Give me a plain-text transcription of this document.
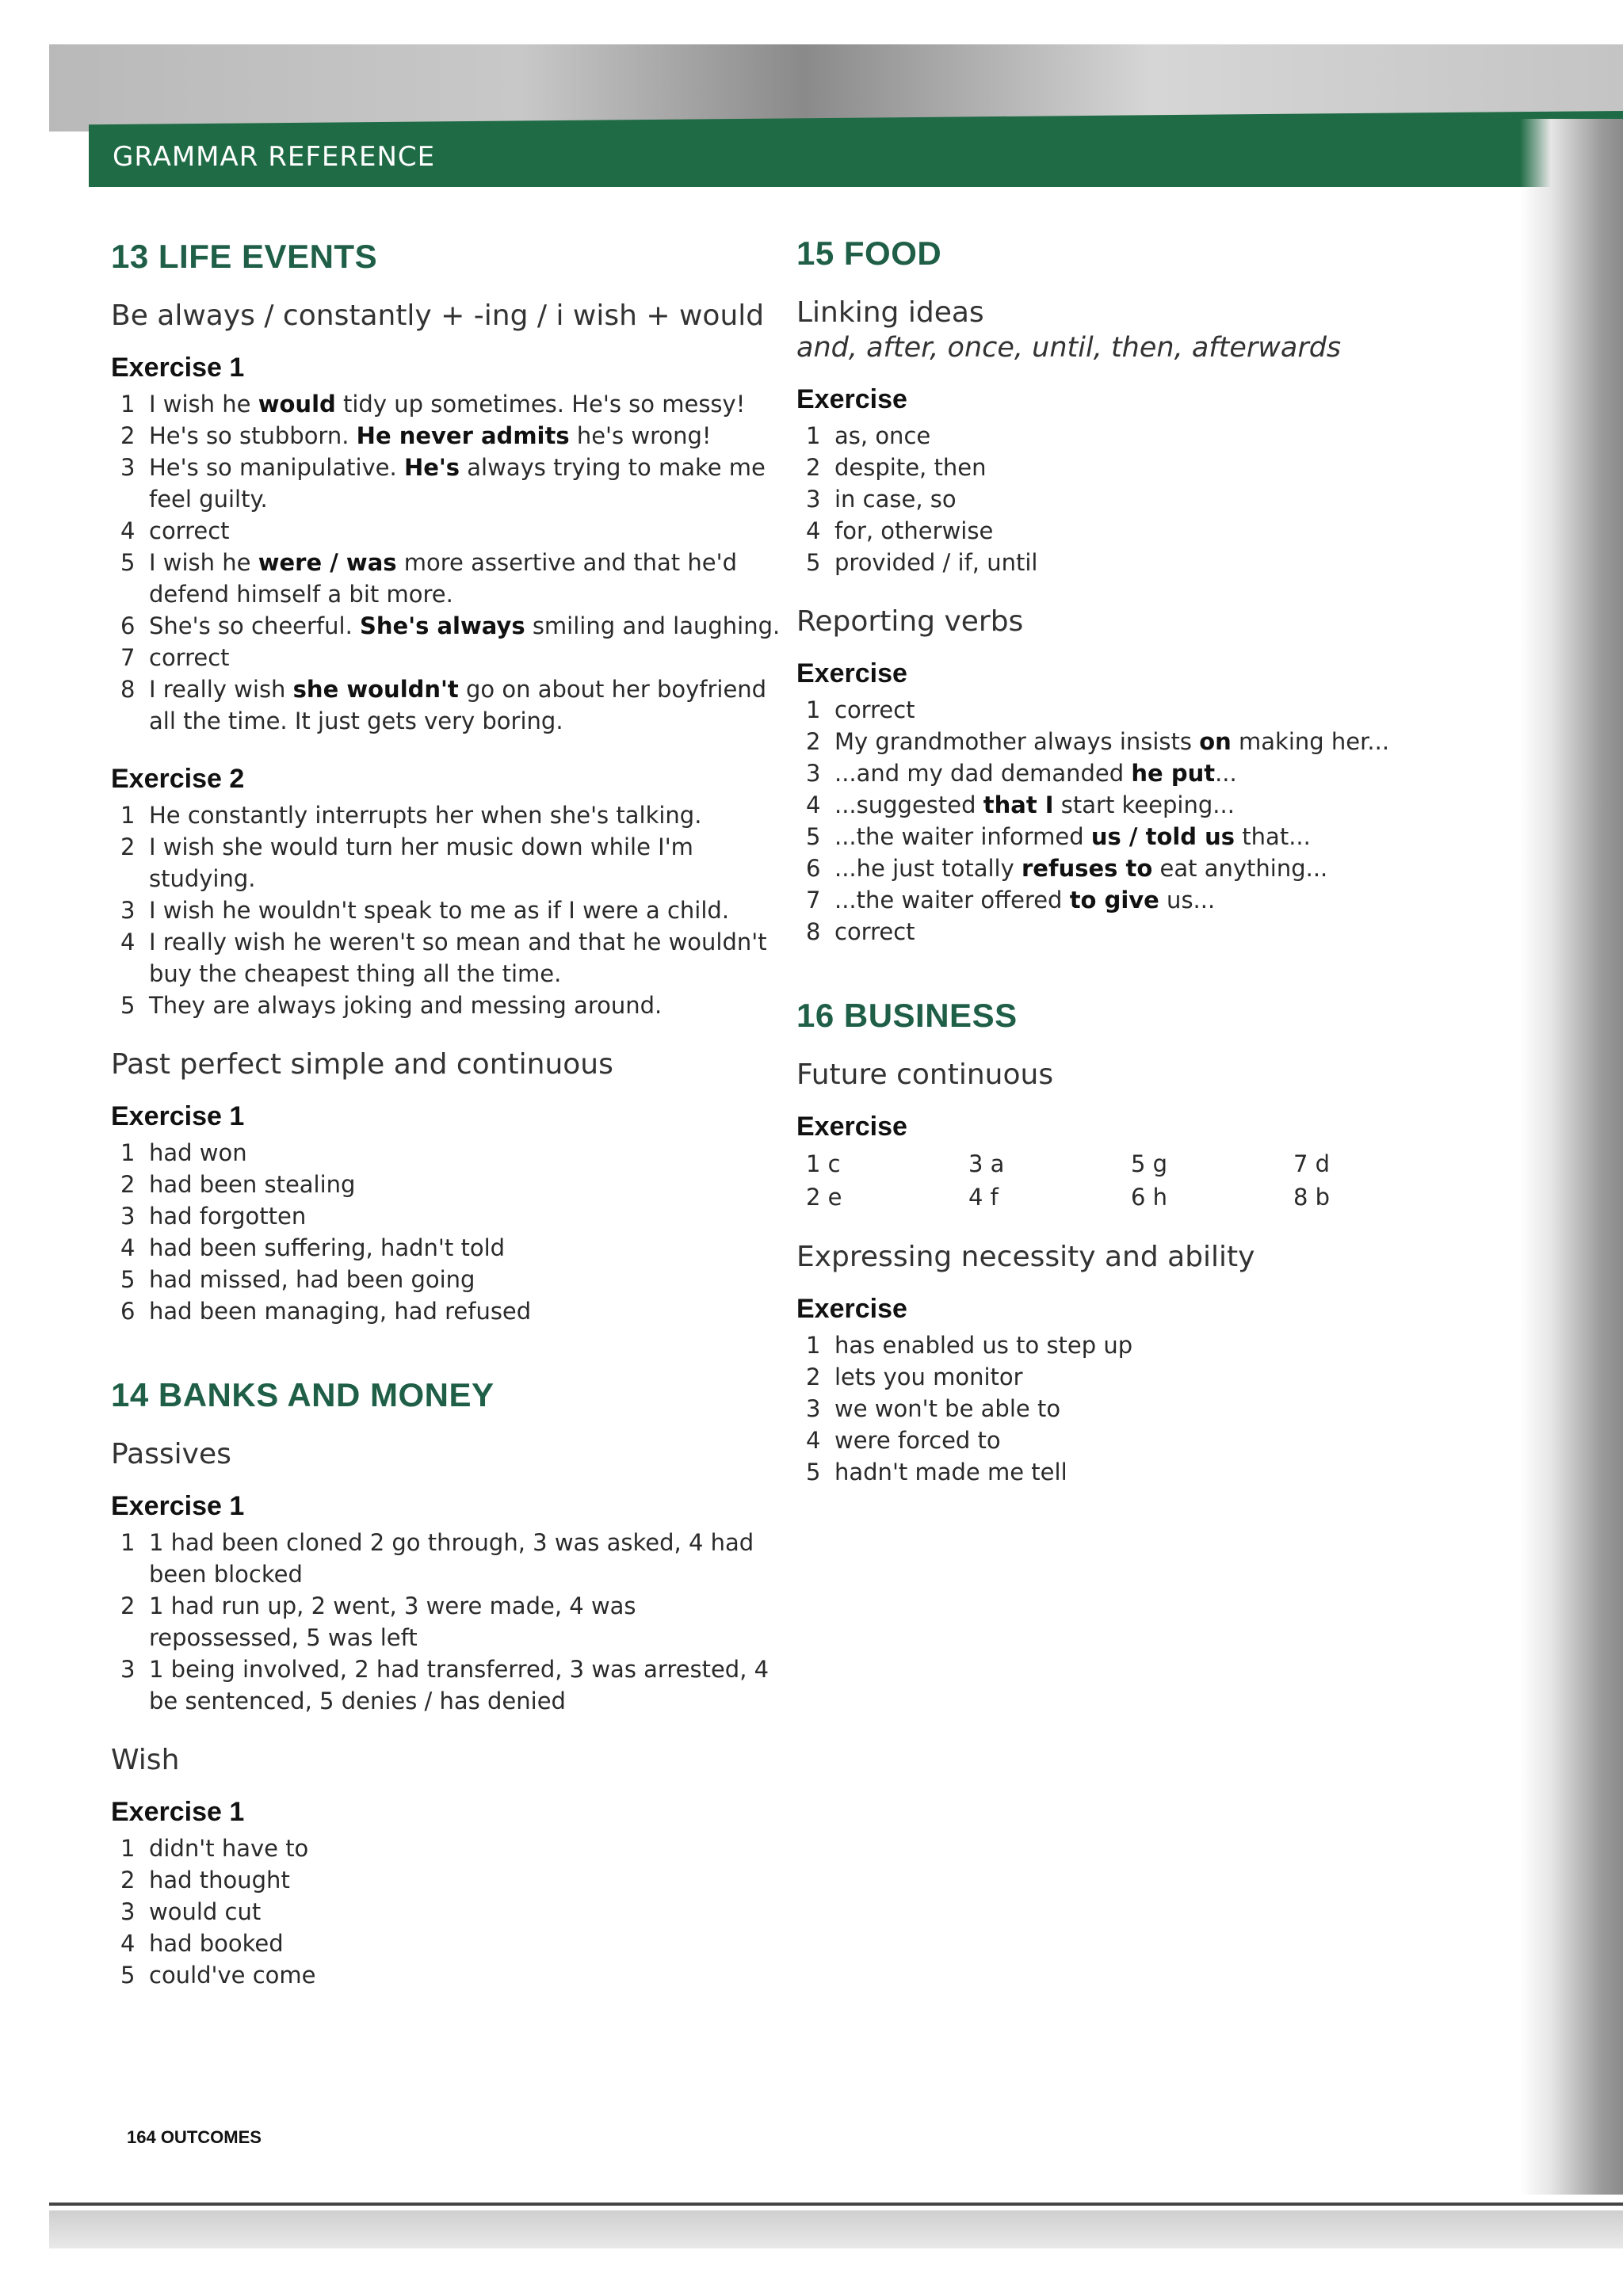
GRAMMAR REFERENCE
13 LIFE EVENTS
Be always / constantly + -ing / i wish + would
Exercise 1
1 I wish he would tidy up sometimes. He's so messy!
2 He's so stubborn. He never admits he's wrong!
3 He's so manipulative. He's always trying to make me feel guilty.
4 correct
5 I wish he were / was more assertive and that he'd defend himself a bit more.
6 She's so cheerful. She's always smiling and laughing.
7 correct
8 I really wish she wouldn't go on about her boyfriend all the time. It just gets very boring.
Exercise 2
1 He constantly interrupts her when she's talking.
2 I wish she would turn her music down while I'm studying.
3 I wish he wouldn't speak to me as if I were a child.
4 I really wish he weren't so mean and that he wouldn't buy the cheapest thing all the time.
5 They are always joking and messing around.
Past perfect simple and continuous
Exercise 1
1 had won
2 had been stealing
3 had forgotten
4 had been suffering, hadn't told
5 had missed, had been going
6 had been managing, had refused
14 BANKS AND MONEY
Passives
Exercise 1
1 1 had been cloned 2 go through, 3 was asked, 4 had been blocked
2 1 had run up, 2 went, 3 were made, 4 was repossessed, 5 was left
3 1 being involved, 2 had transferred, 3 was arrested, 4 be sentenced, 5 denies / has denied
Wish
Exercise 1
1 didn't have to
2 had thought
3 would cut
4 had booked
5 could've come
15 FOOD
Linking ideas
and, after, once, until, then, afterwards
Exercise
1 as, once
2 despite, then
3 in case, so
4 for, otherwise
5 provided / if, until
Reporting verbs
Exercise
1 correct
2 My grandmother always insists on making her...
3 ...and my dad demanded he put...
4 ...suggested that I start keeping...
5 ...the waiter informed us / told us that...
6 ...he just totally refuses to eat anything...
7 ...the waiter offered to give us...
8 correct
16 BUSINESS
Future continuous
Exercise
1 c	3 a	5 g	7 d
2 e	4 f	6 h	8 b
Expressing necessity and ability
Exercise
1 has enabled us to step up
2 lets you monitor
3 we won't be able to
4 were forced to
5 hadn't made me tell
164 OUTCOMES
